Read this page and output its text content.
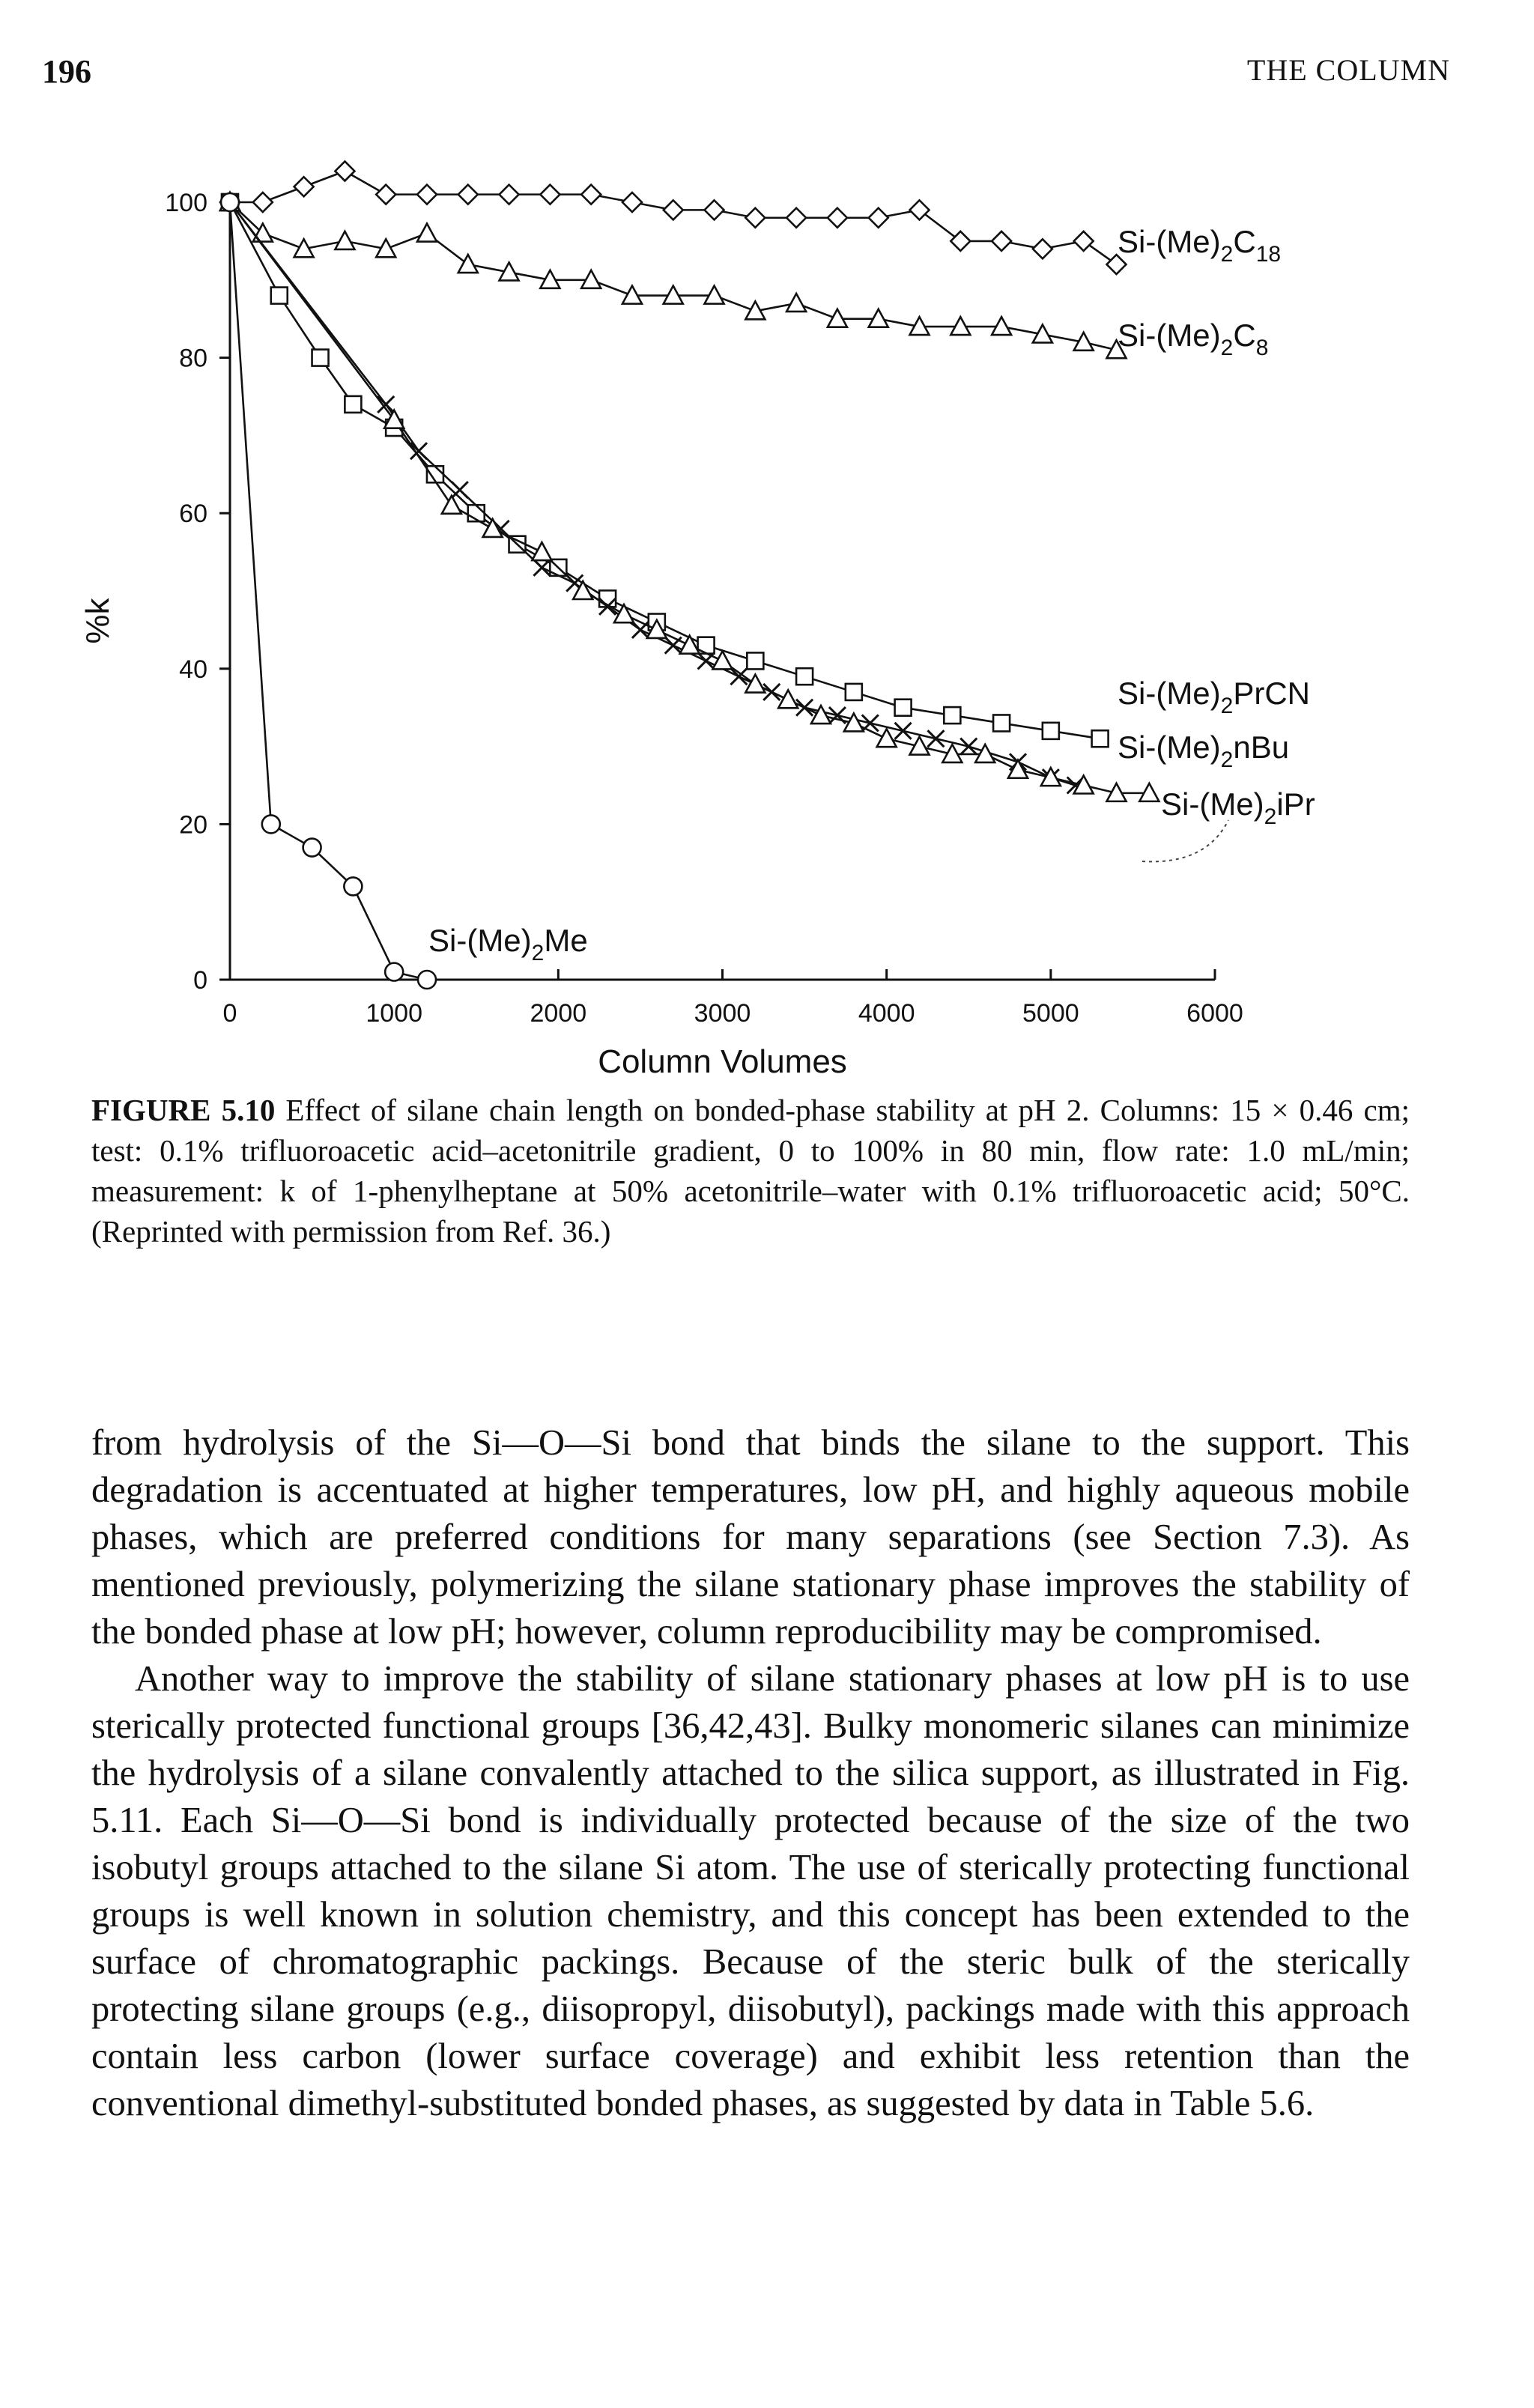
196	THE COLUMN
0	1000	2000	3000	4000	5000	6000
0
20
40
60
80
100
Column Volumes
%k
$Si-(Me)_2C_{18}$
$Si-(Me)_2C_8$
$Si-(Me)_2PrCN$
$Si-(Me)_2nBu$
$Si-(Me)_2iPr$
$Si-(Me)_2Me$
FIGURE 5.10 Effect of silane chain length on bonded-phase stability at pH 2. Columns: 15 × 0.46 cm; test: 0.1% trifluoroacetic acid–acetonitrile gradient, 0 to 100% in 80 min, flow rate: 1.0 mL/min; measurement: k of 1-phenylheptane at 50% acetonitrile–water with 0.1% trifluoroacetic acid; 50°C. (Reprinted with permission from Ref. 36.)

from hydrolysis of the Si—O—Si bond that binds the silane to the support. This degradation is accentuated at higher temperatures, low pH, and highly aqueous mobile phases, which are preferred conditions for many separations (see Section 7.3). As mentioned previously, polymerizing the silane stationary phase improves the stability of the bonded phase at low pH; however, column reproducibility may be compromised.

Another way to improve the stability of silane stationary phases at low pH is to use sterically protected functional groups [36,42,43]. Bulky monomeric silanes can minimize the hydrolysis of a silane convalently attached to the silica support, as illustrated in Fig. 5.11. Each Si—O—Si bond is individually protected because of the size of the two isobutyl groups attached to the silane Si atom. The use of sterically protecting functional groups is well known in solution chemistry, and this concept has been extended to the surface of chromatographic packings. Because of the steric bulk of the sterically protecting silane groups (e.g., diisopropyl, diisobutyl), packings made with this approach contain less carbon (lower surface coverage) and exhibit less retention than the conventional dimethyl-substituted bonded phases, as suggested by data in Table 5.6.
